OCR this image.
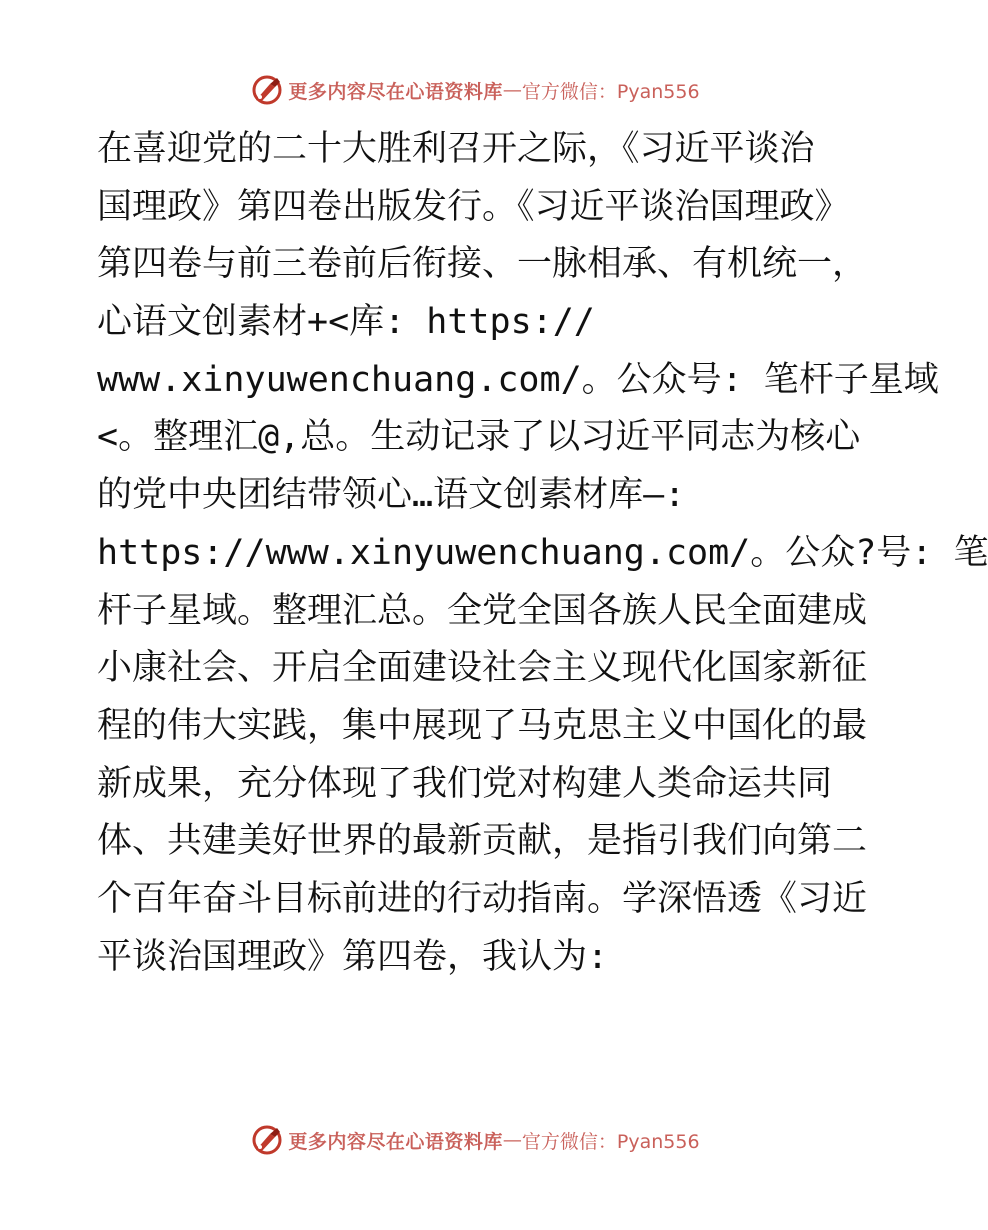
更多内容尽在心语资料库 — 官方微信：Pyan556
在喜迎党的二十大胜利召开之际，《习近平谈治
国理政》第四卷出版发行。《习近平谈治国理政》
第四卷与前三卷前后衔接、一脉相承、有机统一，
心语文创素材+<库: https://
www.xinyuwenchuang.com/。公众号: 笔杆子星域
<。整理汇@,总。生动记录了以习近平同志为核心
的党中央团结带领心…语文创素材库—:
https://www.xinyuwenchuang.com/。公众?号: 笔
杆子星域。整理汇总。全党全国各族人民全面建成
小康社会、开启全面建设社会主义现代化国家新征
程的伟大实践，集中展现了马克思主义中国化的最
新成果，充分体现了我们党对构建人类命运共同
体、共建美好世界的最新贡献，是指引我们向第二
个百年奋斗目标前进的行动指南。学深悟透《习近
平谈治国理政》第四卷，我认为:
更多内容尽在心语资料库 — 官方微信：Pyan556
